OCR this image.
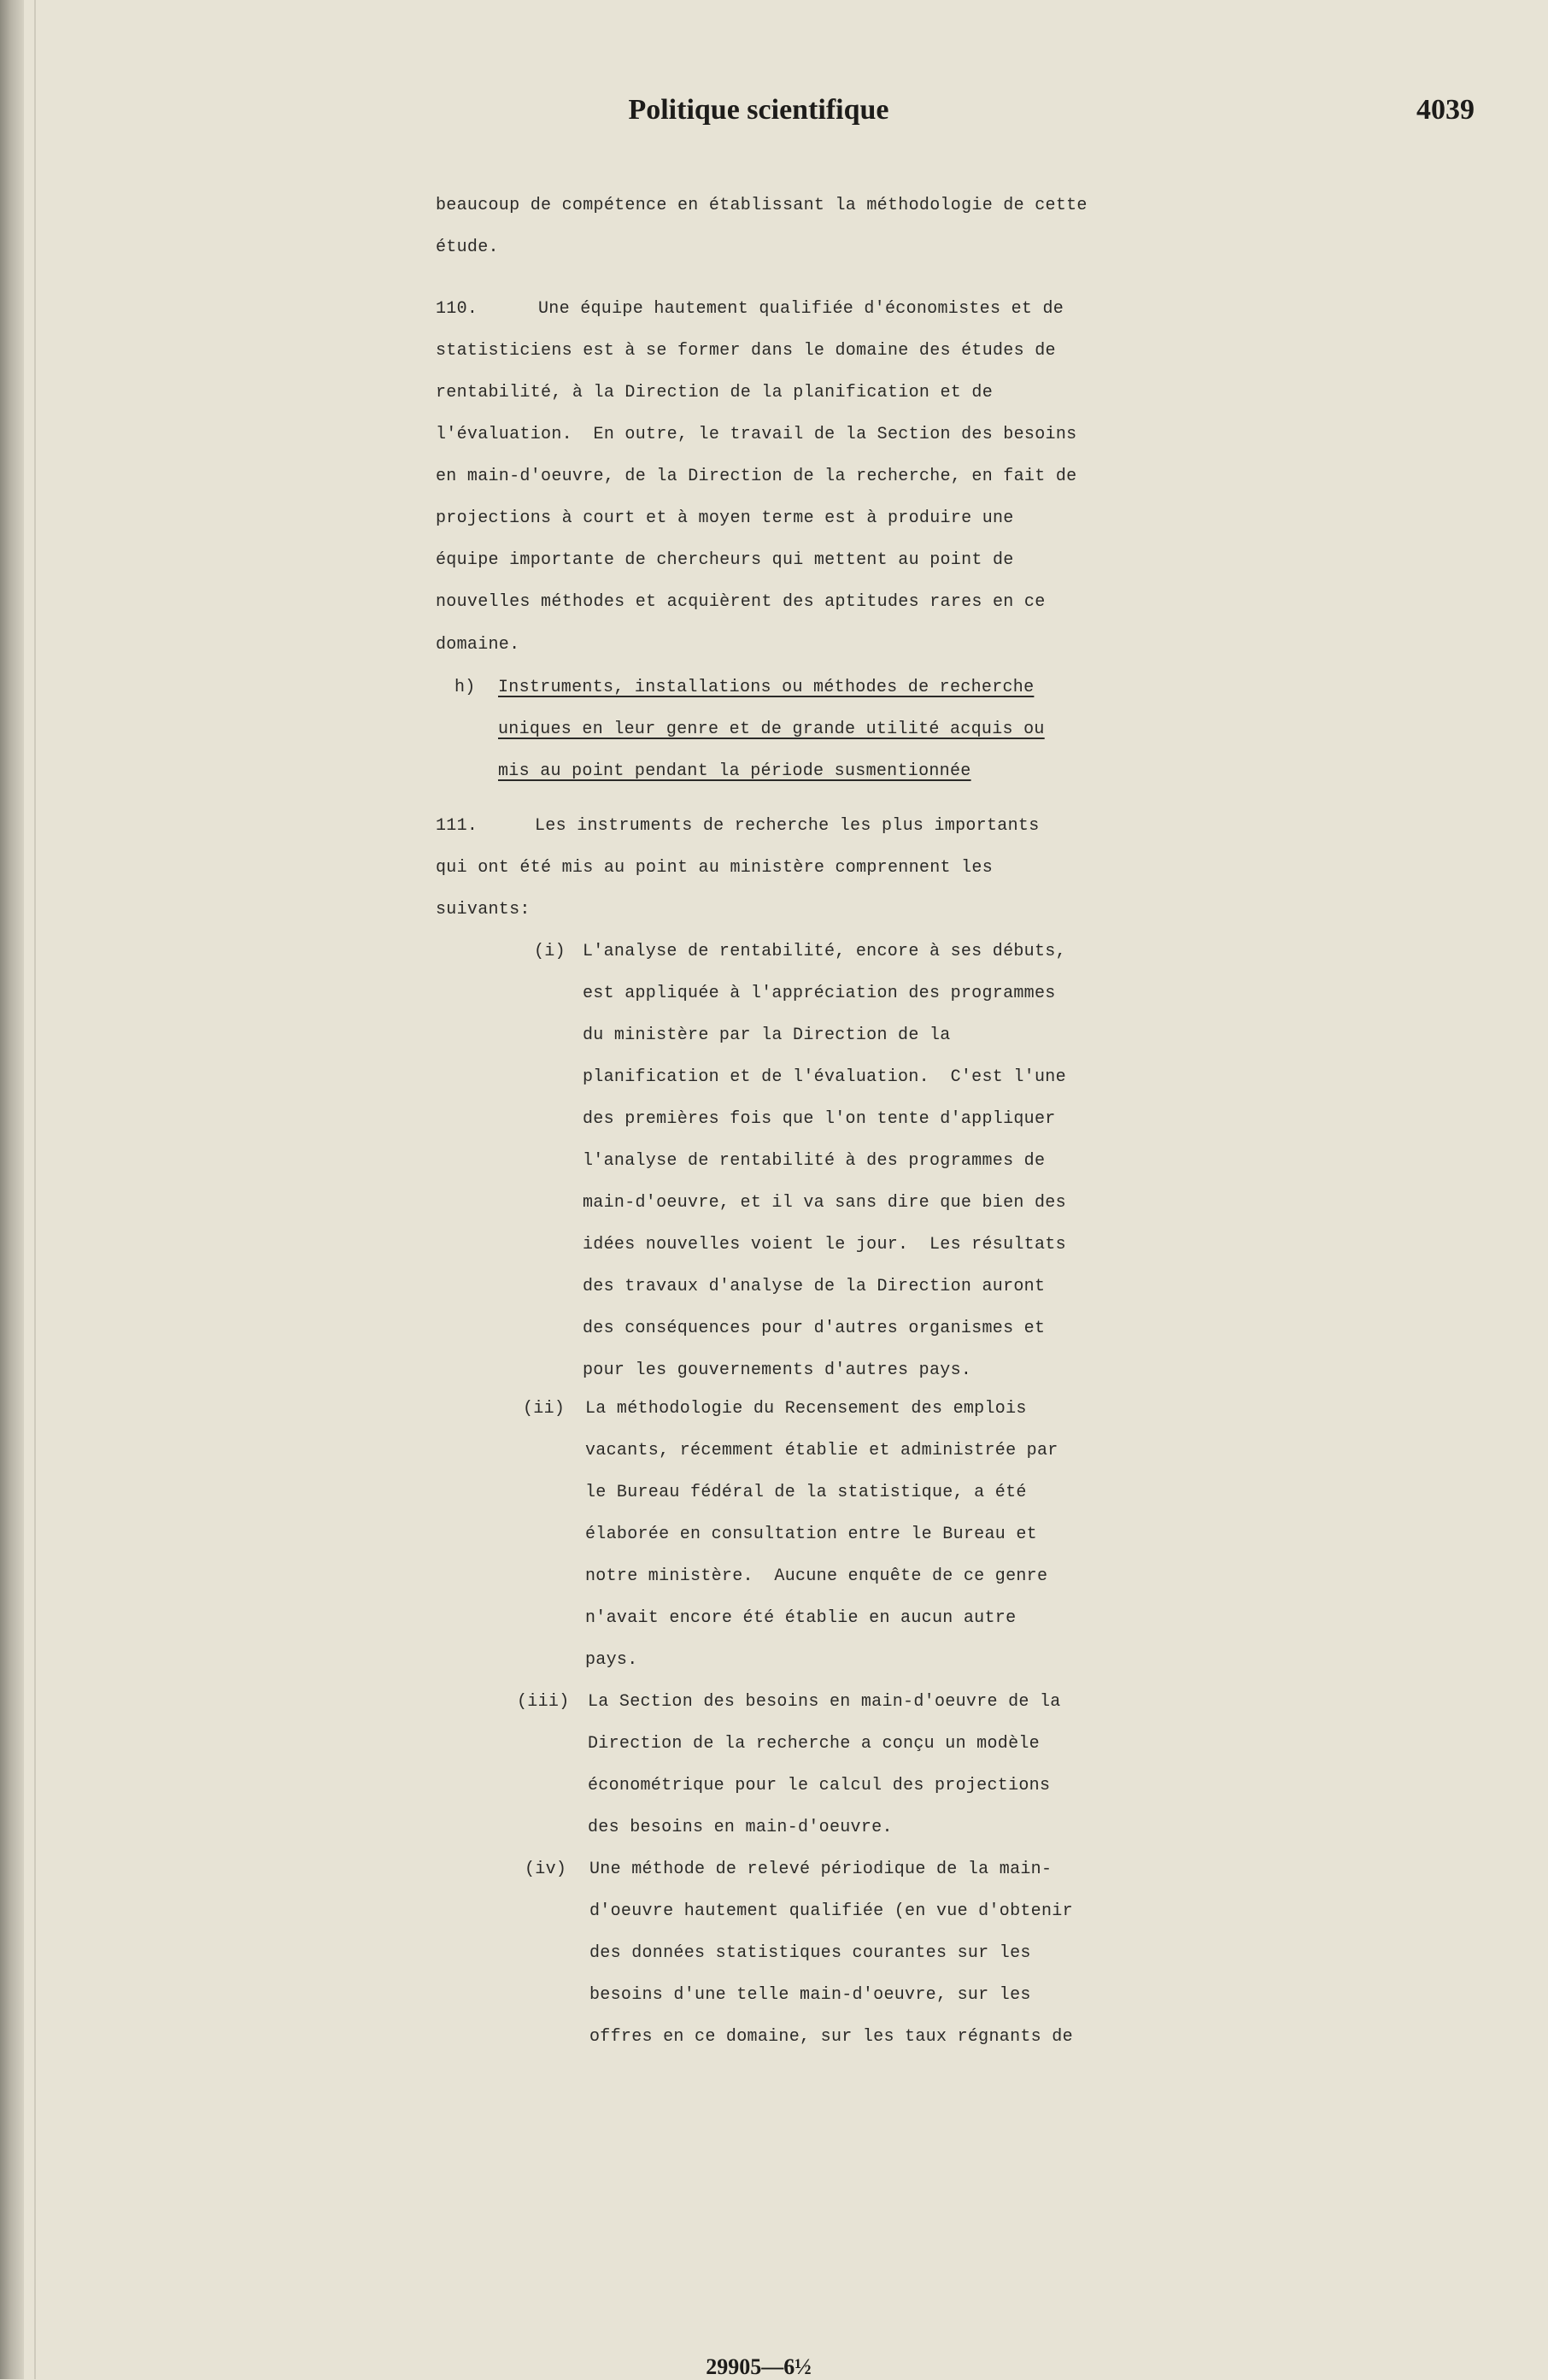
Politique scientifique	4039
beaucoup de compétence en établissant la méthodologie de cette
étude.
110.	Une équipe hautement qualifiée d'économistes et de
statisticiens est à se former dans le domaine des études de
rentabilité, à la Direction de la planification et de
l'évaluation.  En outre, le travail de la Section des besoins
en main-d'oeuvre, de la Direction de la recherche, en fait de
projections à court et à moyen terme est à produire une
équipe importante de chercheurs qui mettent au point de
nouvelles méthodes et acquièrent des aptitudes rares en ce
domaine.
h) Instruments, installations ou méthodes de recherche
uniques en leur genre et de grande utilité acquis ou
mis au point pendant la période susmentionnée
111.	Les instruments de recherche les plus importants
qui ont été mis au point au ministère comprennent les
suivants:
(i) L'analyse de rentabilité, encore à ses débuts,
est appliquée à l'appréciation des programmes
du ministère par la Direction de la
planification et de l'évaluation.  C'est l'une
des premières fois que l'on tente d'appliquer
l'analyse de rentabilité à des programmes de
main-d'oeuvre, et il va sans dire que bien des
idées nouvelles voient le jour.  Les résultats
des travaux d'analyse de la Direction auront
des conséquences pour d'autres organismes et
pour les gouvernements d'autres pays.
(ii) La méthodologie du Recensement des emplois
vacants, récemment établie et administrée par
le Bureau fédéral de la statistique, a été
élaborée en consultation entre le Bureau et
notre ministère.  Aucune enquête de ce genre
n'avait encore été établie en aucun autre
pays.
(iii) La Section des besoins en main-d'oeuvre de la
Direction de la recherche a conçu un modèle
économétrique pour le calcul des projections
des besoins en main-d'oeuvre.
(iv) Une méthode de relevé périodique de la main-
d'oeuvre hautement qualifiée (en vue d'obtenir
des données statistiques courantes sur les
besoins d'une telle main-d'oeuvre, sur les
offres en ce domaine, sur les taux régnants de
29905—6½
